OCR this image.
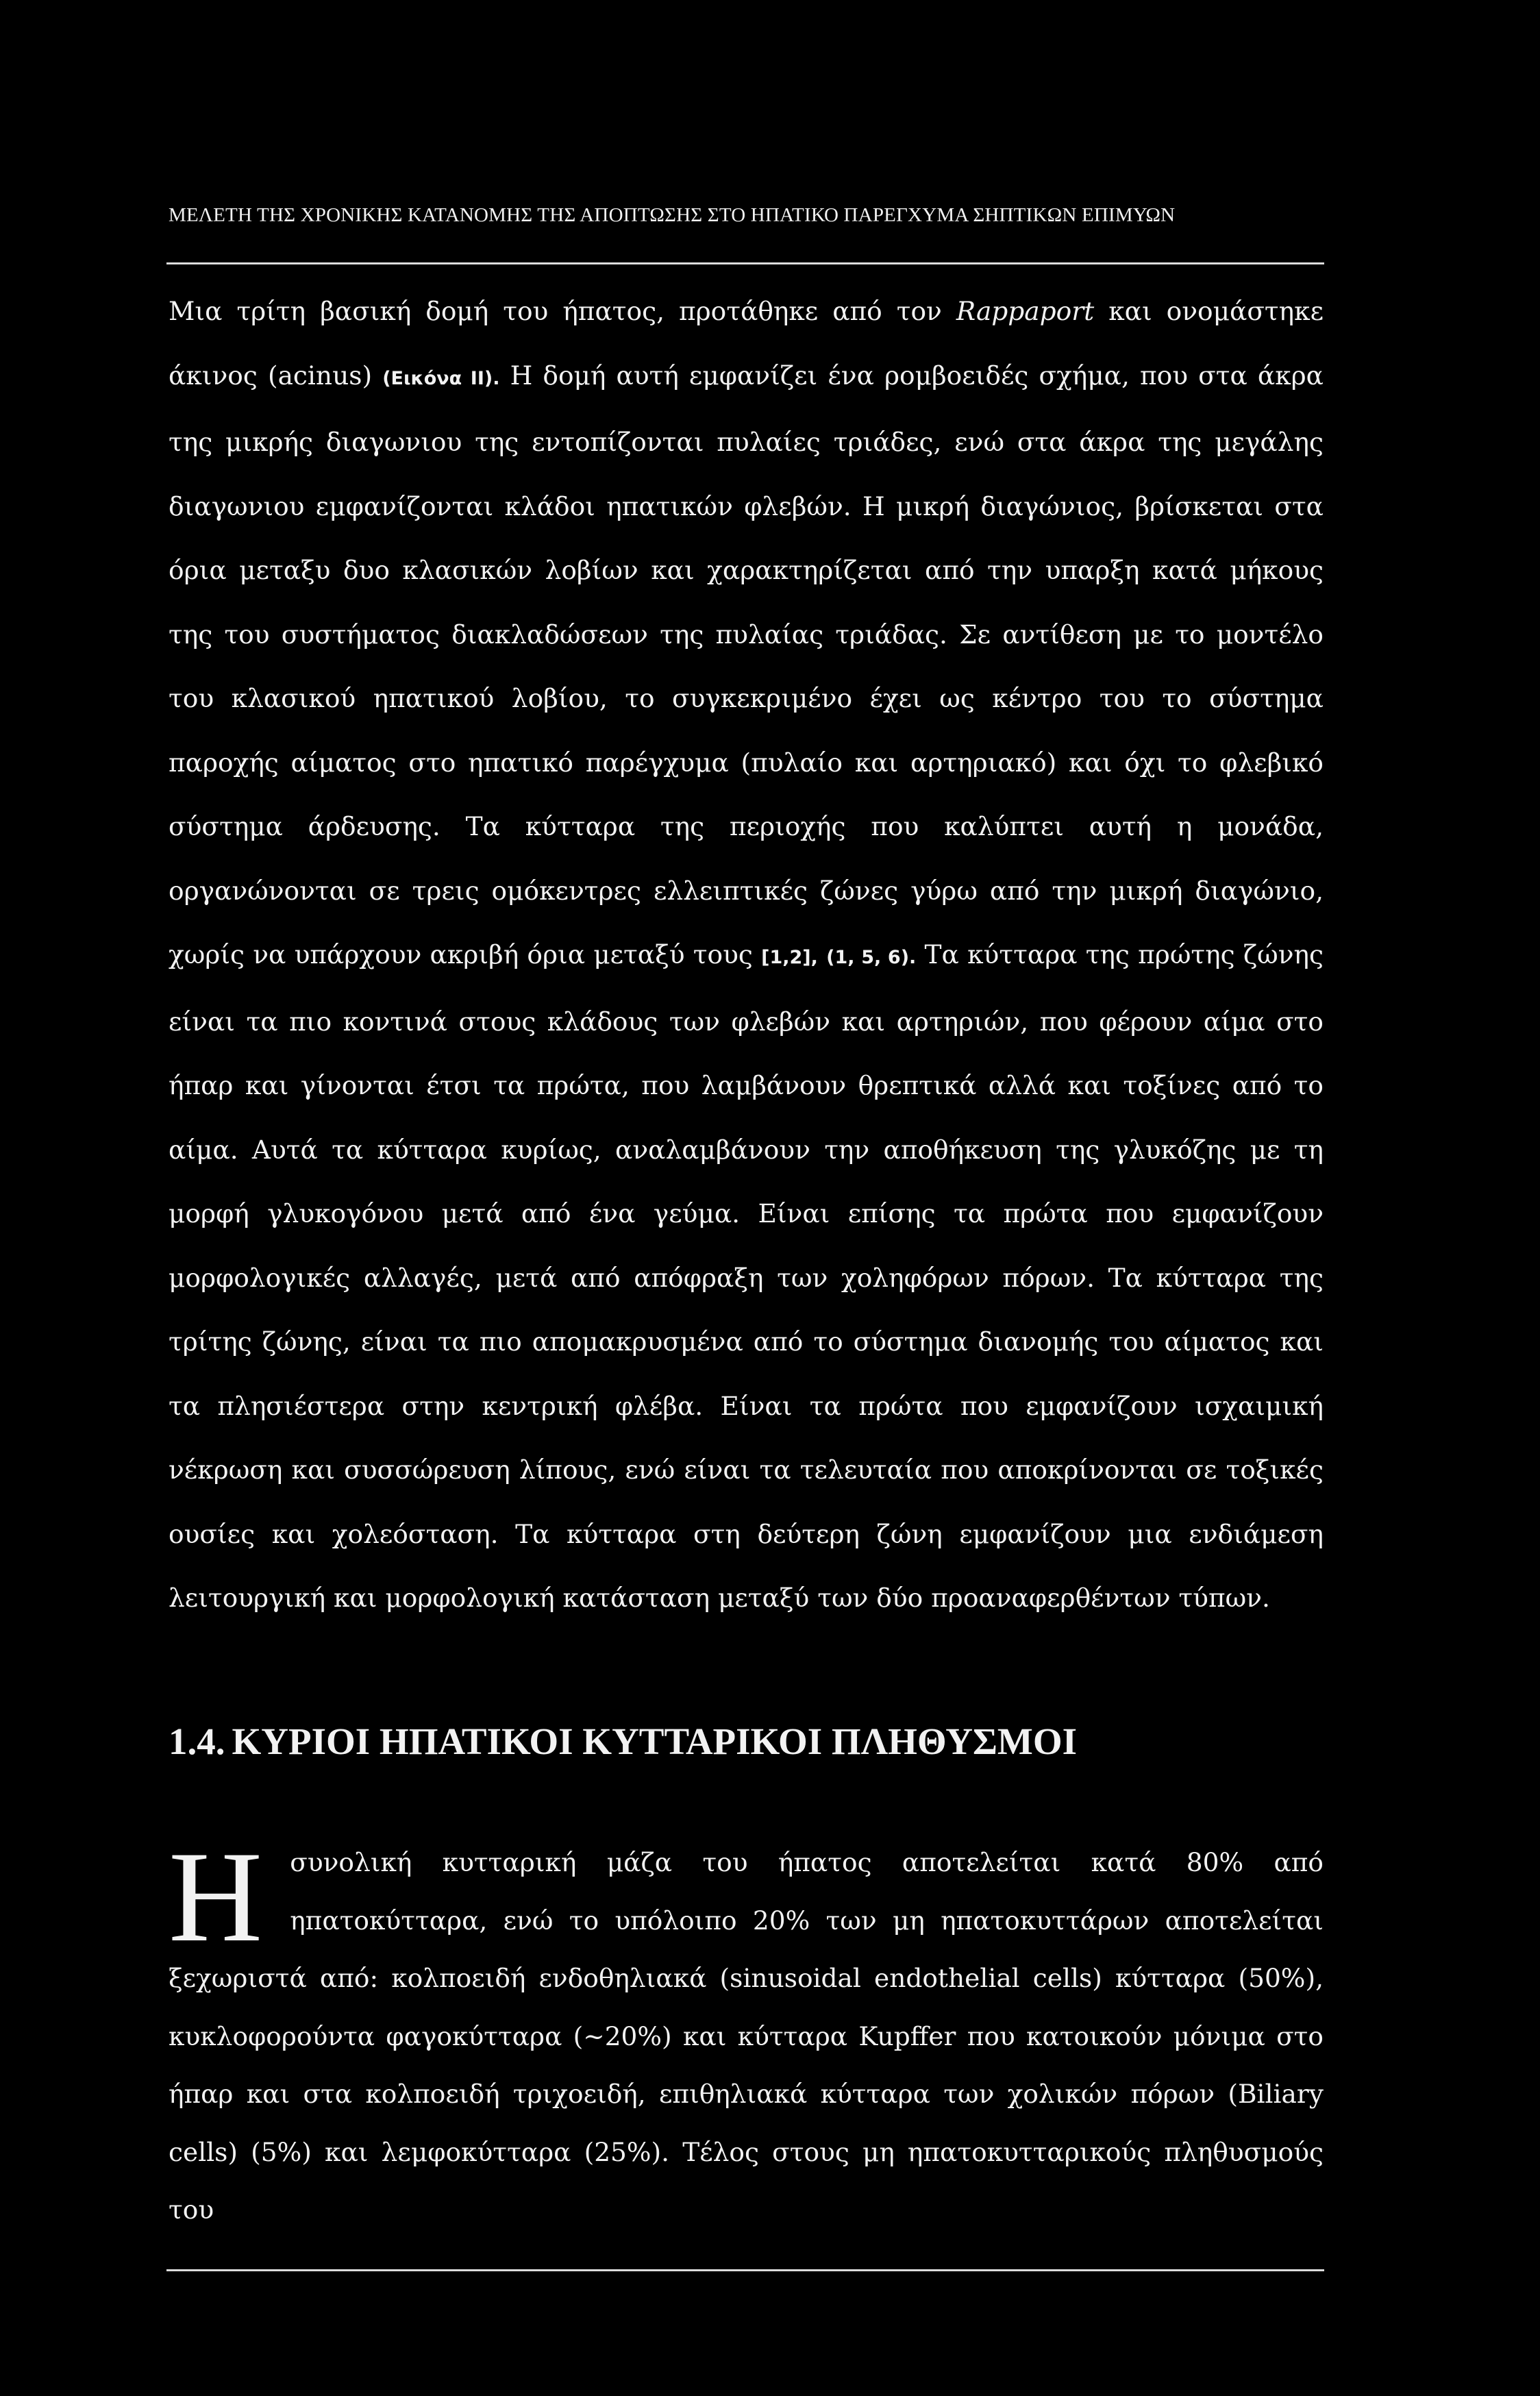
ΜΕΛΕΤΗ ΤΗΣ ΧΡΟΝΙΚΗΣ ΚΑΤΑΝΟΜΗΣ ΤΗΣ ΑΠΟΠΤΩΣΗΣ ΣΤΟ ΗΠΑΤΙΚΟ ΠΑΡΕΓΧΥΜΑ ΣΗΠΤΙΚΩΝ ΕΠΙΜΥΩΝ
Μια τρίτη βασική δομή του ήπατος, προτάθηκε από τον Rappaport και ονομάστηκε άκινος (acinus) (Εικόνα II). Η δομή αυτή εμφανίζει ένα ρομβοειδές σχήμα, που στα άκρα της μικρής διαγωνιου της εντοπίζονται πυλαίες τριάδες, ενώ στα άκρα της μεγάλης διαγωνιου εμφανίζονται κλάδοι ηπατικών φλεβών. Η μικρή διαγώνιος, βρίσκεται στα όρια μεταξυ δυο κλασικών λοβίων και χαρακτηρίζεται από την υπαρξη κατά μήκους της του συστήματος διακλαδώσεων της πυλαίας τριάδας. Σε αντίθεση με το μοντέλο του κλασικού ηπατικού λοβίου, το συγκεκριμένο έχει ως κέντρο του το σύστημα παροχής αίματος στο ηπατικό παρέγχυμα (πυλαίο και αρτηριακό) και όχι το φλεβικό σύστημα άρδευσης. Τα κύτταρα της περιοχής που καλύπτει αυτή η μονάδα, οργανώνονται σε τρεις ομόκεντρες ελλειπτικές ζώνες γύρω από την μικρή διαγώνιο, χωρίς να υπάρχουν ακριβή όρια μεταξύ τους [1,2], (1, 5, 6). Τα κύτταρα της πρώτης ζώνης είναι τα πιο κοντινά στους κλάδους των φλεβών και αρτηριών, που φέρουν αίμα στο ήπαρ και γίνονται έτσι τα πρώτα, που λαμβάνουν θρεπτικά αλλά και τοξίνες από το αίμα. Αυτά τα κύτταρα κυρίως, αναλαμβάνουν την αποθήκευση της γλυκόζης με τη μορφή γλυκογόνου μετά από ένα γεύμα. Είναι επίσης τα πρώτα που εμφανίζουν μορφολογικές αλλαγές, μετά από απόφραξη των χοληφόρων πόρων. Τα κύτταρα της τρίτης ζώνης, είναι τα πιο απομακρυσμένα από το σύστημα διανομής του αίματος και τα πλησιέστερα στην κεντρική φλέβα. Είναι τα πρώτα που εμφανίζουν ισχαιμική νέκρωση και συσσώρευση λίπους, ενώ είναι τα τελευταία που αποκρίνονται σε τοξικές ουσίες και χολεόσταση. Τα κύτταρα στη δεύτερη ζώνη εμφανίζουν μια ενδιάμεση λειτουργική και μορφολογική κατάσταση μεταξύ των δύο προαναφερθέντων τύπων.
1.4. ΚΥΡΙΟΙ ΗΠΑΤΙΚΟΙ ΚΥΤΤΑΡΙΚΟΙ ΠΛΗΘΥΣΜΟΙ
Η συνολική κυτταρική μάζα του ήπατος αποτελείται κατά 80% από ηπατοκύτταρα, ενώ το υπόλοιπο 20% των μη ηπατοκυττάρων αποτελείται ξεχωριστά από: κολποειδή ενδοθηλιακά (sinusoidal endothelial cells) κύτταρα (50%), κυκλοφορούντα φαγοκύτταρα (~20%) και κύτταρα Kupffer που κατοικούν μόνιμα στο ήπαρ και στα κολποειδή τριχοειδή, επιθηλιακά κύτταρα των χολικών πόρων (Biliary cells) (5%) και λεμφοκύτταρα (25%). Τέλος στους μη ηπατοκυτταρικούς πληθυσμούς του
